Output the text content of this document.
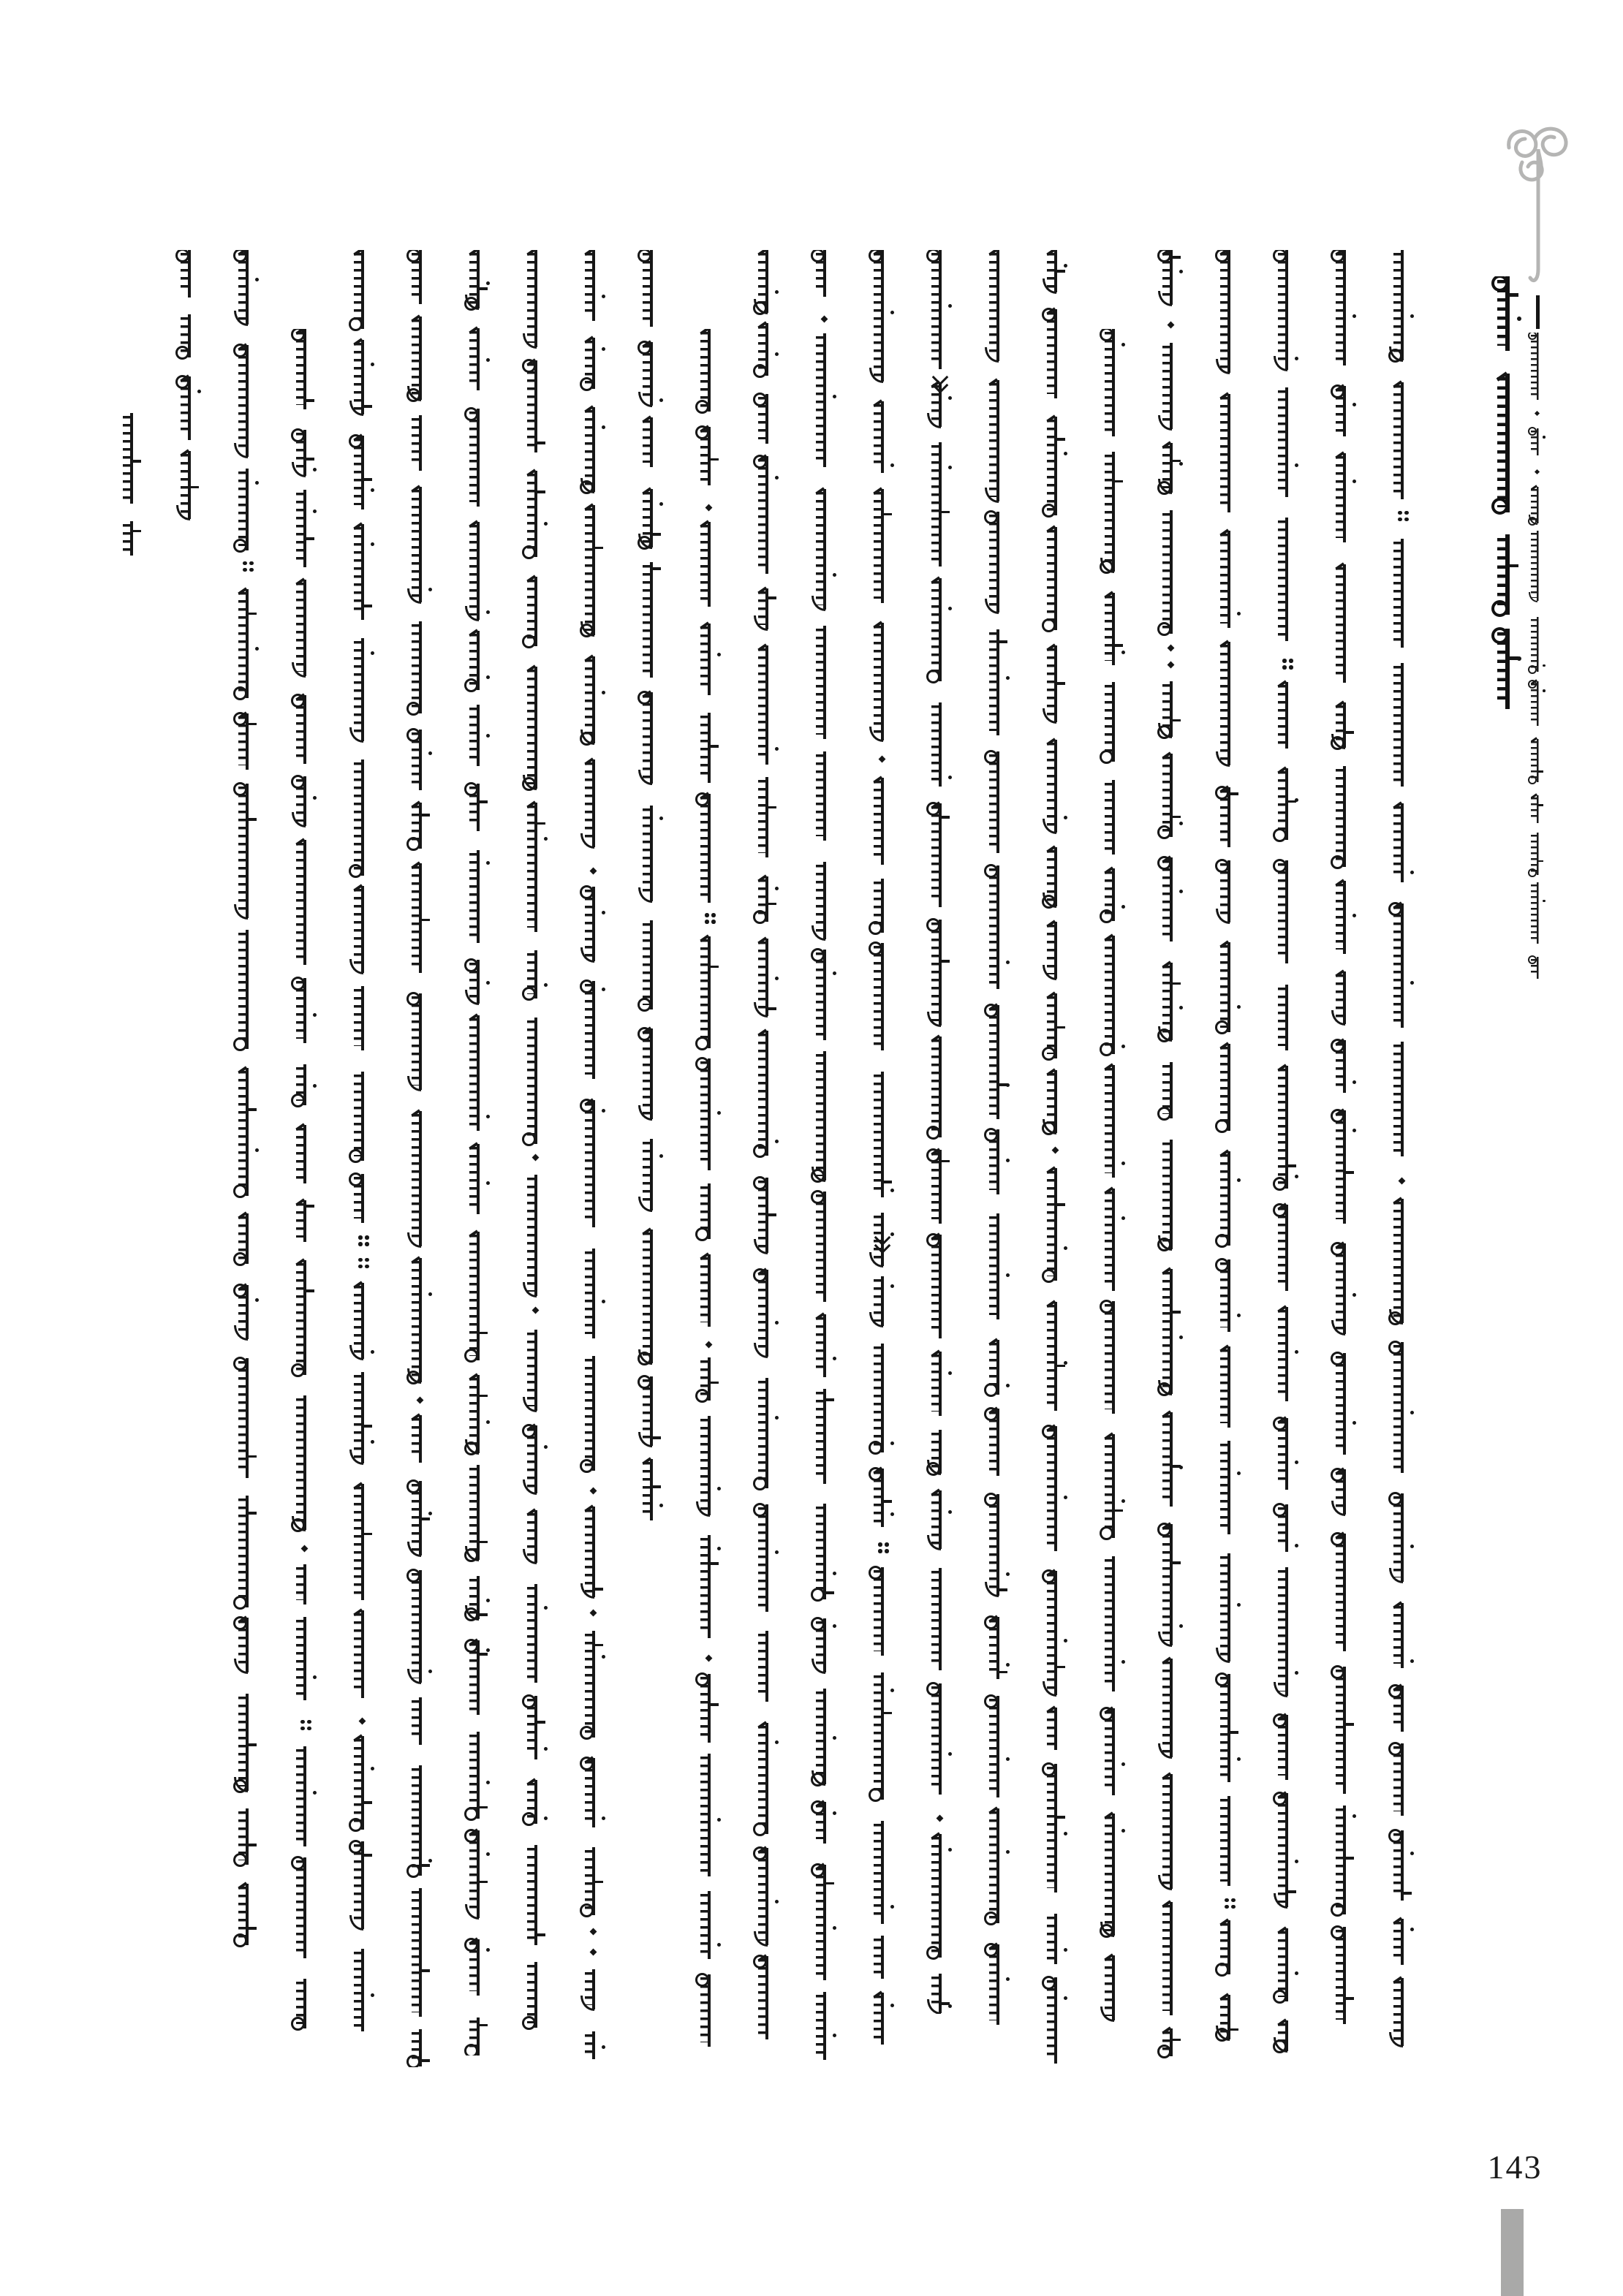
143
